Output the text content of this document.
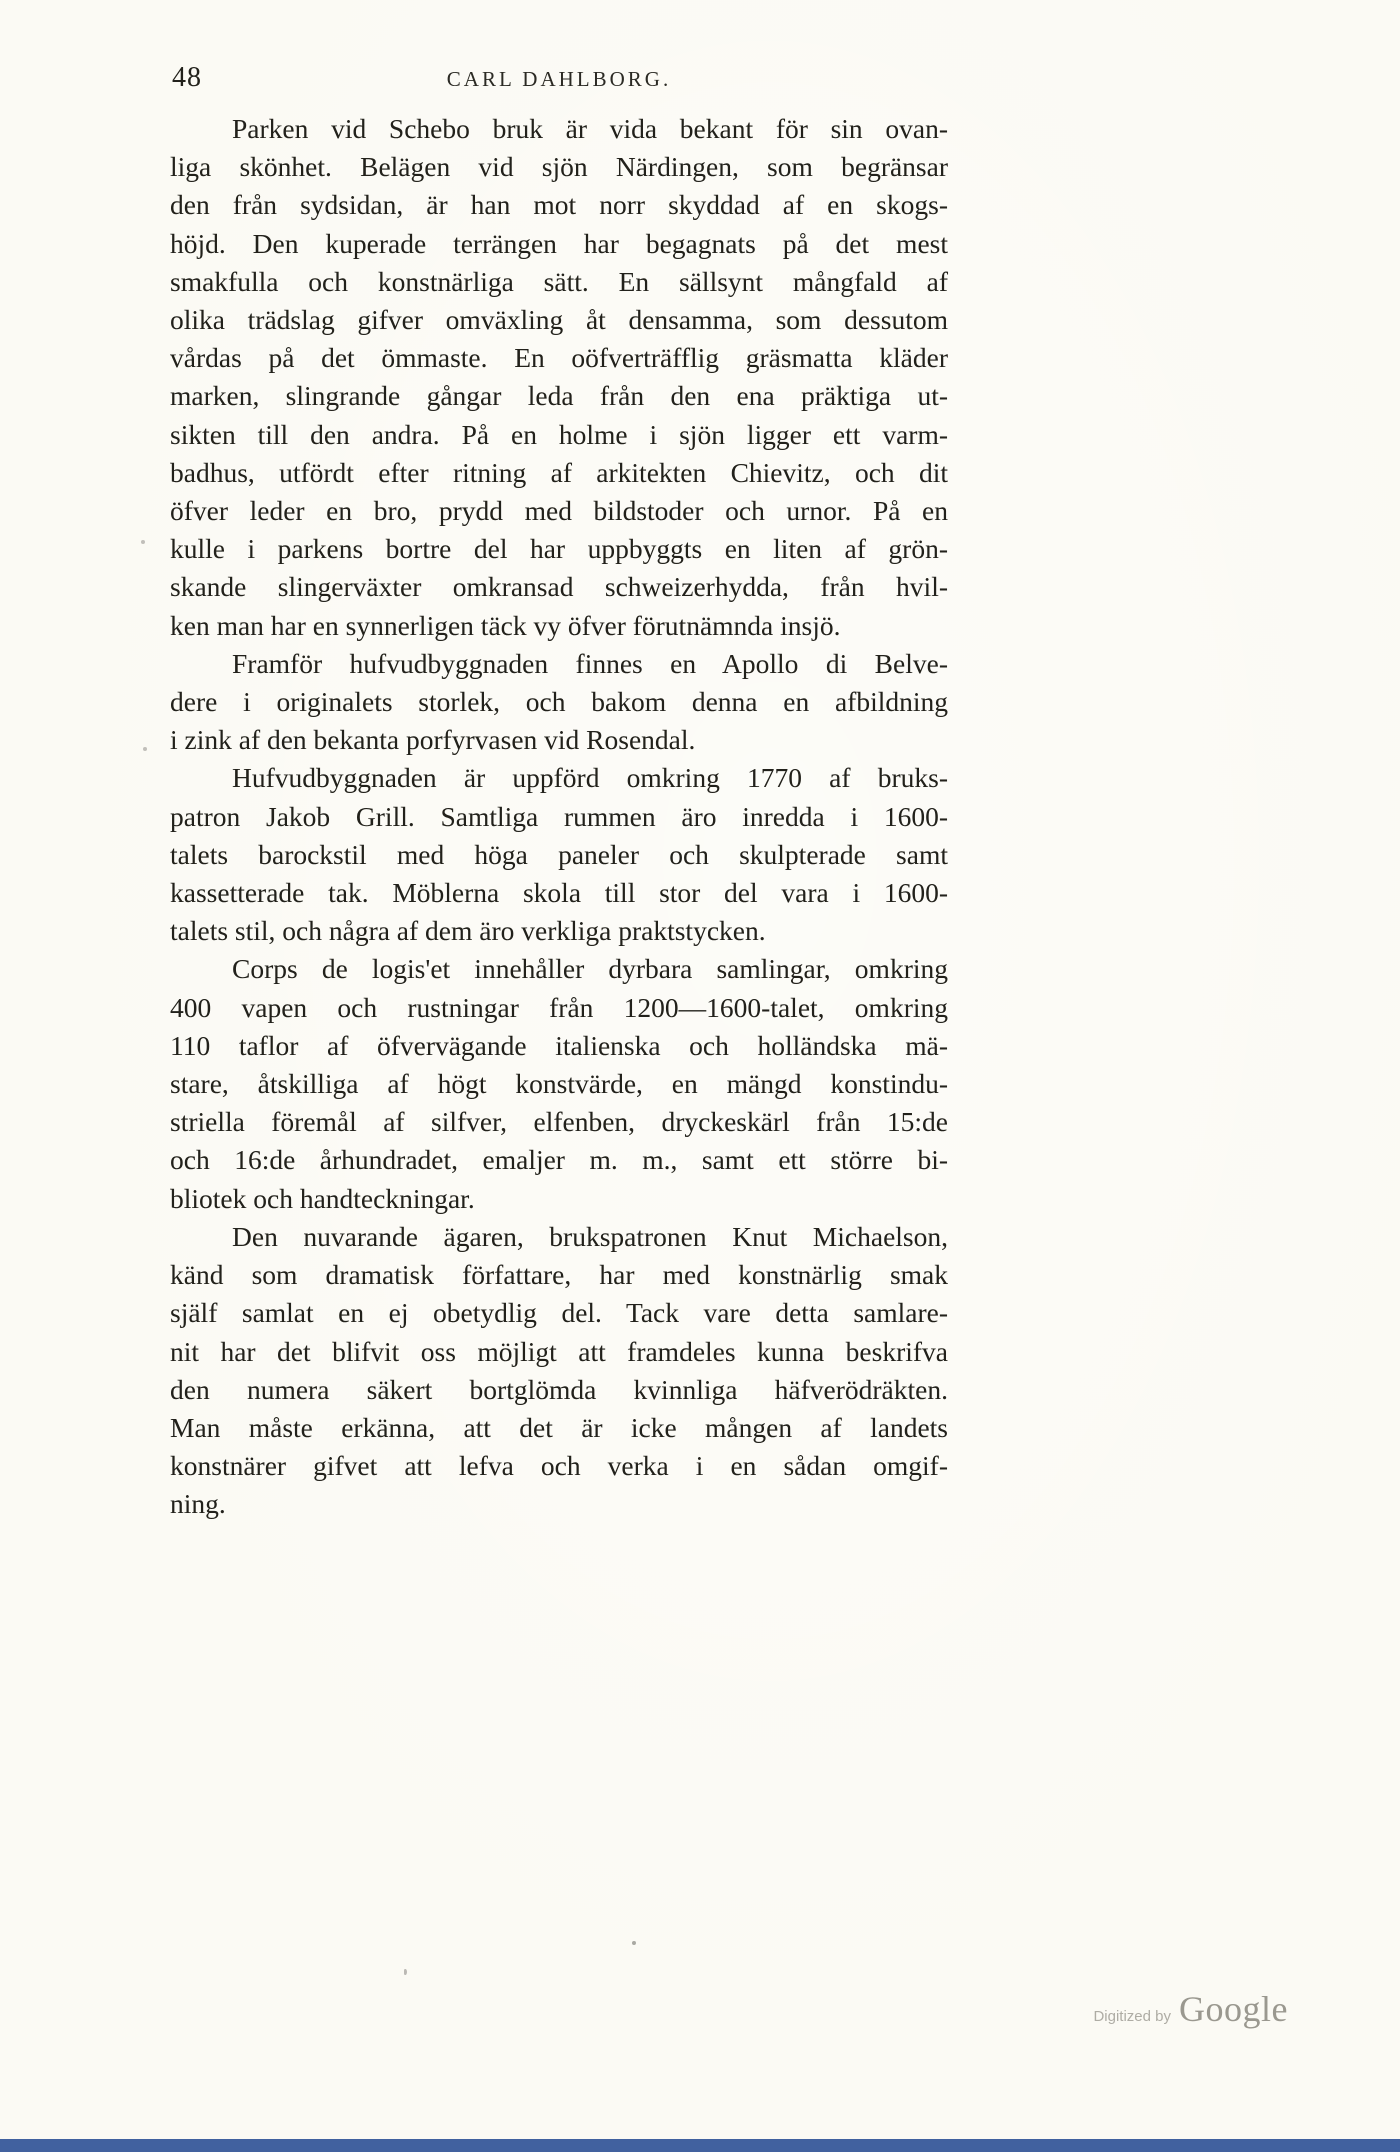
48	CARL DAHLBORG.
Parken vid Schebo bruk är vida bekant för sin ovan-
liga skönhet. Belägen vid sjön Närdingen, som begränsar
den från sydsidan, är han mot norr skyddad af en skogs-
höjd. Den kuperade terrängen har begagnats på det mest
smakfulla och konstnärliga sätt. En sällsynt mångfald af
olika trädslag gifver omväxling åt densamma, som dessutom
vårdas på det ömmaste. En oöfverträfflig gräsmatta kläder
marken, slingrande gångar leda från den ena präktiga ut-
sikten till den andra. På en holme i sjön ligger ett varm-
badhus, utfördt efter ritning af arkitekten Chievitz, och dit
öfver leder en bro, prydd med bildstoder och urnor. På en
kulle i parkens bortre del har uppbyggts en liten af grön-
skande slingerväxter omkransad schweizerhydda, från hvil-
ken man har en synnerligen täck vy öfver förutnämnda insjö.
Framför hufvudbyggnaden finnes en Apollo di Belve-
dere i originalets storlek, och bakom denna en afbildning
i zink af den bekanta porfyrvasen vid Rosendal.
Hufvudbyggnaden är uppförd omkring 1770 af bruks-
patron Jakob Grill. Samtliga rummen äro inredda i 1600-
talets barockstil med höga paneler och skulpterade samt
kassetterade tak. Möblerna skola till stor del vara i 1600-
talets stil, och några af dem äro verkliga praktstycken.
Corps de logis'et innehåller dyrbara samlingar, omkring
400 vapen och rustningar från 1200—1600-talet, omkring
110 taflor af öfvervägande italienska och holländska mä-
stare, åtskilliga af högt konstvärde, en mängd konstindu-
striella föremål af silfver, elfenben, dryckeskärl från 15:de
och 16:de århundradet, emaljer m. m., samt ett större bi-
bliotek och handteckningar.
Den nuvarande ägaren, brukspatronen Knut Michaelson,
känd som dramatisk författare, har med konstnärlig smak
själf samlat en ej obetydlig del. Tack vare detta samlare-
nit har det blifvit oss möjligt att framdeles kunna beskrifva
den numera säkert bortglömda kvinnliga häfverödräkten.
Man måste erkänna, att det är icke mången af landets
konstnärer gifvet att lefva och verka i en sådan omgif-
ning.
Digitized by Google
